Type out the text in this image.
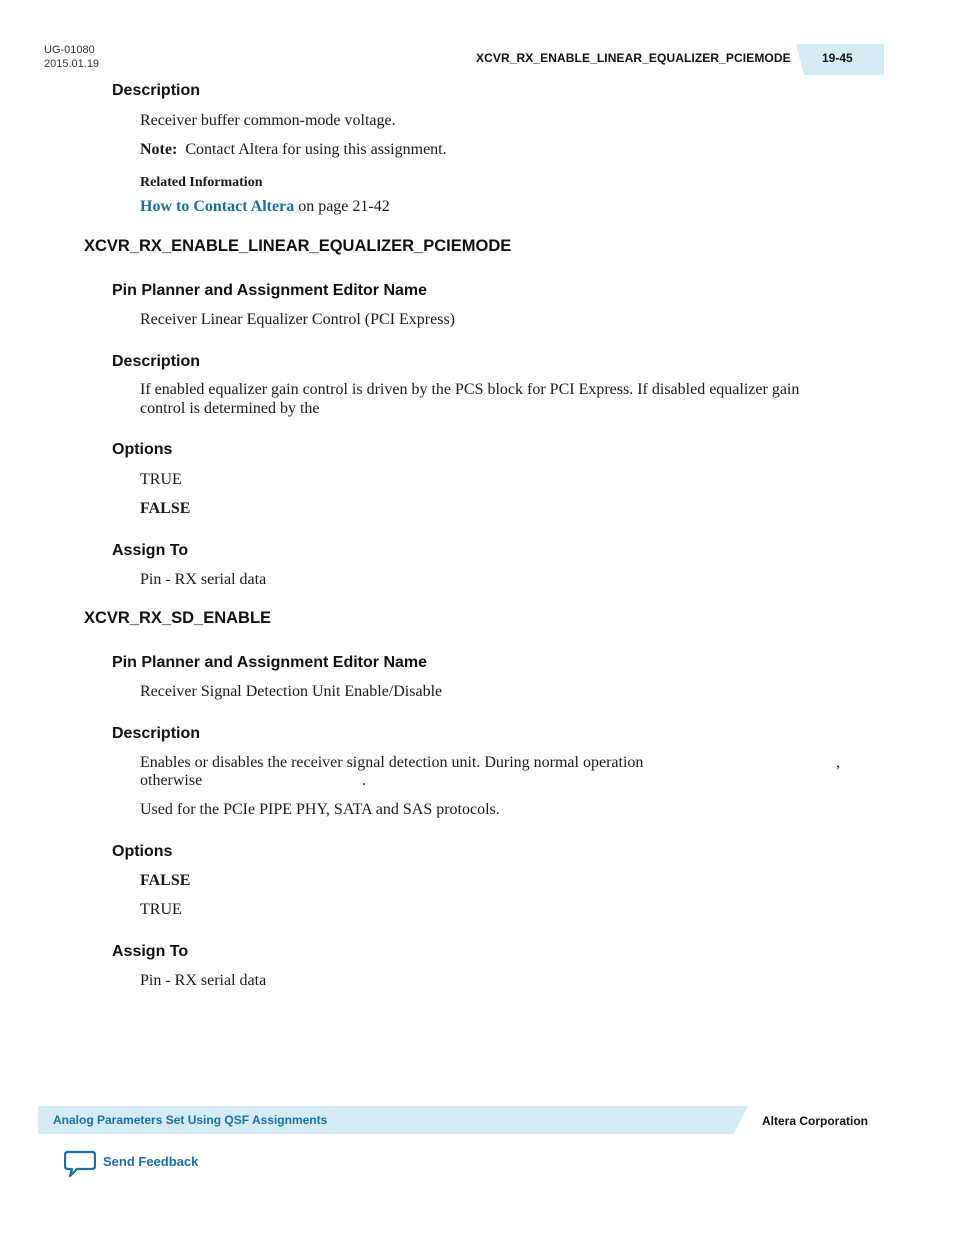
UG-01080
2015.01.19	XCVR_RX_ENABLE_LINEAR_EQUALIZER_PCIEMODE	19-45
Description
Receiver buffer common-mode voltage.
Note: Contact Altera for using this assignment.
Related Information
How to Contact Altera on page 21-42
XCVR_RX_ENABLE_LINEAR_EQUALIZER_PCIEMODE
Pin Planner and Assignment Editor Name
Receiver Linear Equalizer Control (PCI Express)
Description
If enabled equalizer gain control is driven by the PCS block for PCI Express. If disabled equalizer gain
control is determined by the
Options
TRUE
FALSE
Assign To
Pin - RX serial data
XCVR_RX_SD_ENABLE
Pin Planner and Assignment Editor Name
Receiver Signal Detection Unit Enable/Disable
Description
Enables or disables the receiver signal detection unit. During normal operation	,
otherwise	.
Used for the PCIe PIPE PHY, SATA and SAS protocols.
Options
FALSE
TRUE
Assign To
Pin - RX serial data
Analog Parameters Set Using QSF Assignments	Altera Corporation
Send Feedback
